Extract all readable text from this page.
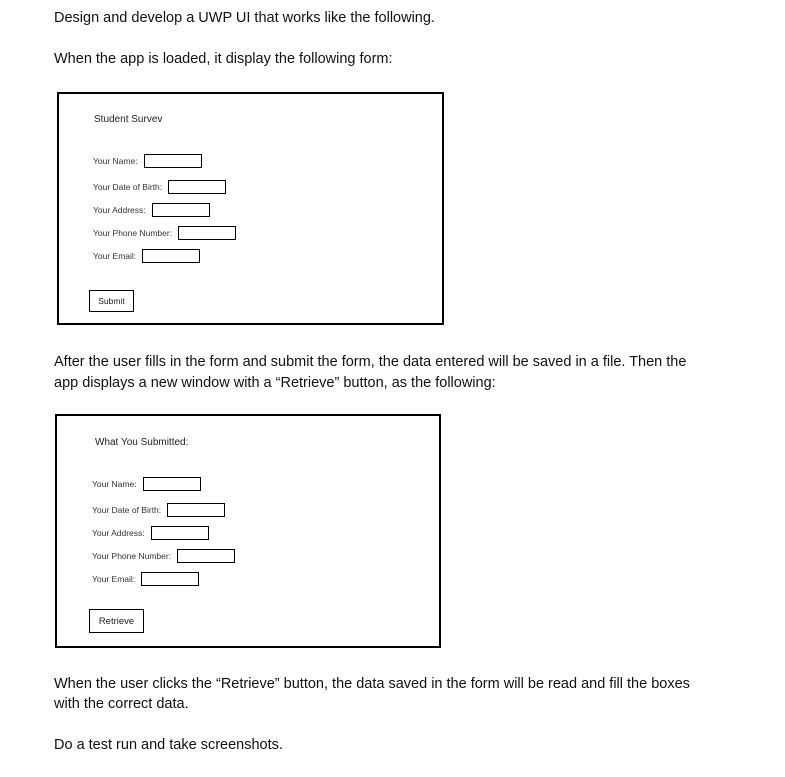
Design and develop a UWP UI that works like the following.

When the app is loaded, it display the following form:

Student Survev
Your Name:
Your Date of Birth:
Your Address:
Your Phone Number:
Your Email:
Submit

After the user fills in the form and submit the form, the data entered will be saved in a file. Then the

app displays a new window with a “Retrieve” button, as the following:

What You Submitted:
Your Name:
Your Date of Birth:
Your Address:
Your Phone Number:
Your Email:
Retrieve

When the user clicks the “Retrieve” button, the data saved in the form will be read and fill the boxes

with the correct data.

Do a test run and take screenshots.
